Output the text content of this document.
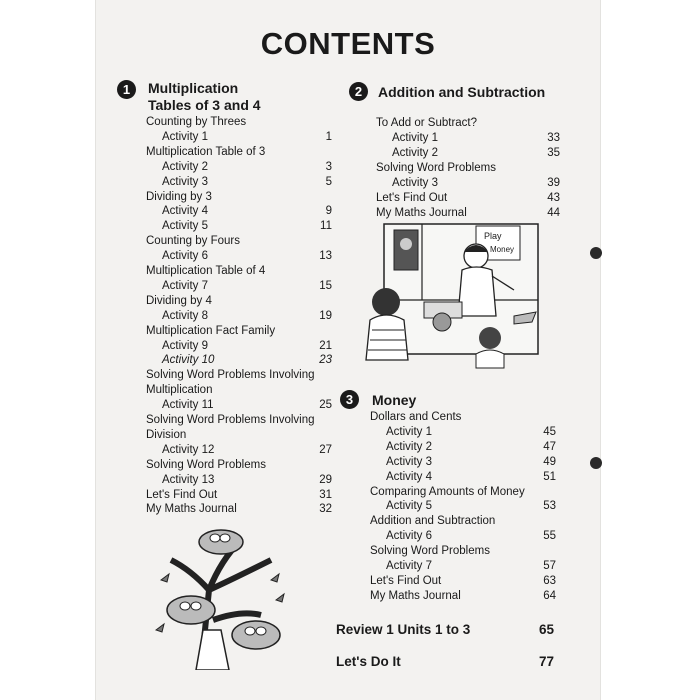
CONTENTS
1	Multiplication
Tables of 3 and 4
Counting by Threes
Activity 1	1
Multiplication Table of 3
Activity 2	3
Activity 3	5
Dividing by 3
Activity 4	9
Activity 5	11
Counting by Fours
Activity 6	13
Multiplication Table of 4
Activity 7	15
Dividing by 4
Activity 8	19
Multiplication Fact Family
Activity 9	21
Activity 10	23
Solving Word Problems Involving
Multiplication
Activity 11	25
Solving Word Problems Involving
Division
Activity 12	27
Solving Word Problems
Activity 13	29
Let's Find Out	31
My Maths Journal	32
2	Addition and Subtraction
To Add or Subtract?
Activity 1	33
Activity 2	35
Solving Word Problems
Activity 3	39
Let's Find Out	43
My Maths Journal	44
Play
Money
3	Money
Dollars and Cents
Activity 1	45
Activity 2	47
Activity 3	49
Activity 4	51
Comparing Amounts of Money
Activity 5	53
Addition and Subtraction
Activity 6	55
Solving Word Problems
Activity 7	57
Let's Find Out	63
My Maths Journal	64
Review 1 Units 1 to 3	65
Let's Do It	77
